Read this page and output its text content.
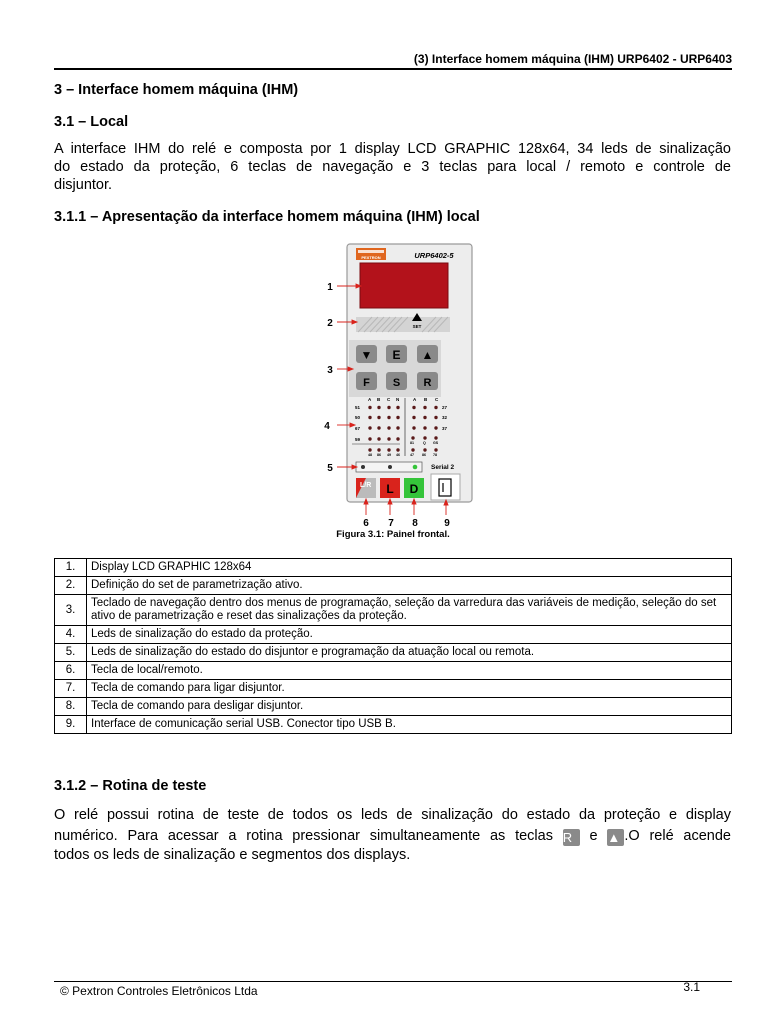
(3) Interface homem máquina (IHM) URP6402 - URP6403
3 – Interface homem máquina (IHM)
3.1 – Local
A interface IHM do relé e composta por 1 display LCD GRAPHIC 128x64, 34 leds de sinalização
do estado da proteção, 6 teclas de navegação e 3 teclas para local / remoto e controle de
disjuntor.
3.1.1 – Apresentação da interface homem máquina (IHM) local
PEXTRON	URP6402-5
SET
▼ E ▲
F S R
A B C N	A B C
51
50
67
59
27
32
37
48 86 49 46
81	Q GS
47 86 78
Serial 2
L/R L D
1
2
3
4
5
6 7 8	9
Figura 3.1: Painel frontal.
1.	Display LCD GRAPHIC 128x64
2.	Definição do set de parametrização ativo.
3.	Teclado de navegação dentro dos menus de programação, seleção da varredura das variáveis de medição, seleção do set ativo de parametrização e reset das sinalizações da proteção.
4.	Leds de sinalização do estado da proteção.
5.	Leds de sinalização do estado do disjuntor e programação da atuação local ou remota.
6.	Tecla de local/remoto.
7.	Tecla de comando para ligar disjuntor.
8.	Tecla de comando para desligar disjuntor.
9.	Interface de comunicação serial USB. Conector tipo USB B.
3.1.2 – Rotina de teste
O relé possui rotina de teste de todos os leds de sinalização do estado da proteção e display
numérico. Para acessar a rotina pressionar simultaneamente as teclas R e ▲ .O relé acende
todos os leds de sinalização e segmentos dos displays.
© Pextron Controles Eletrônicos Ltda	3.1
